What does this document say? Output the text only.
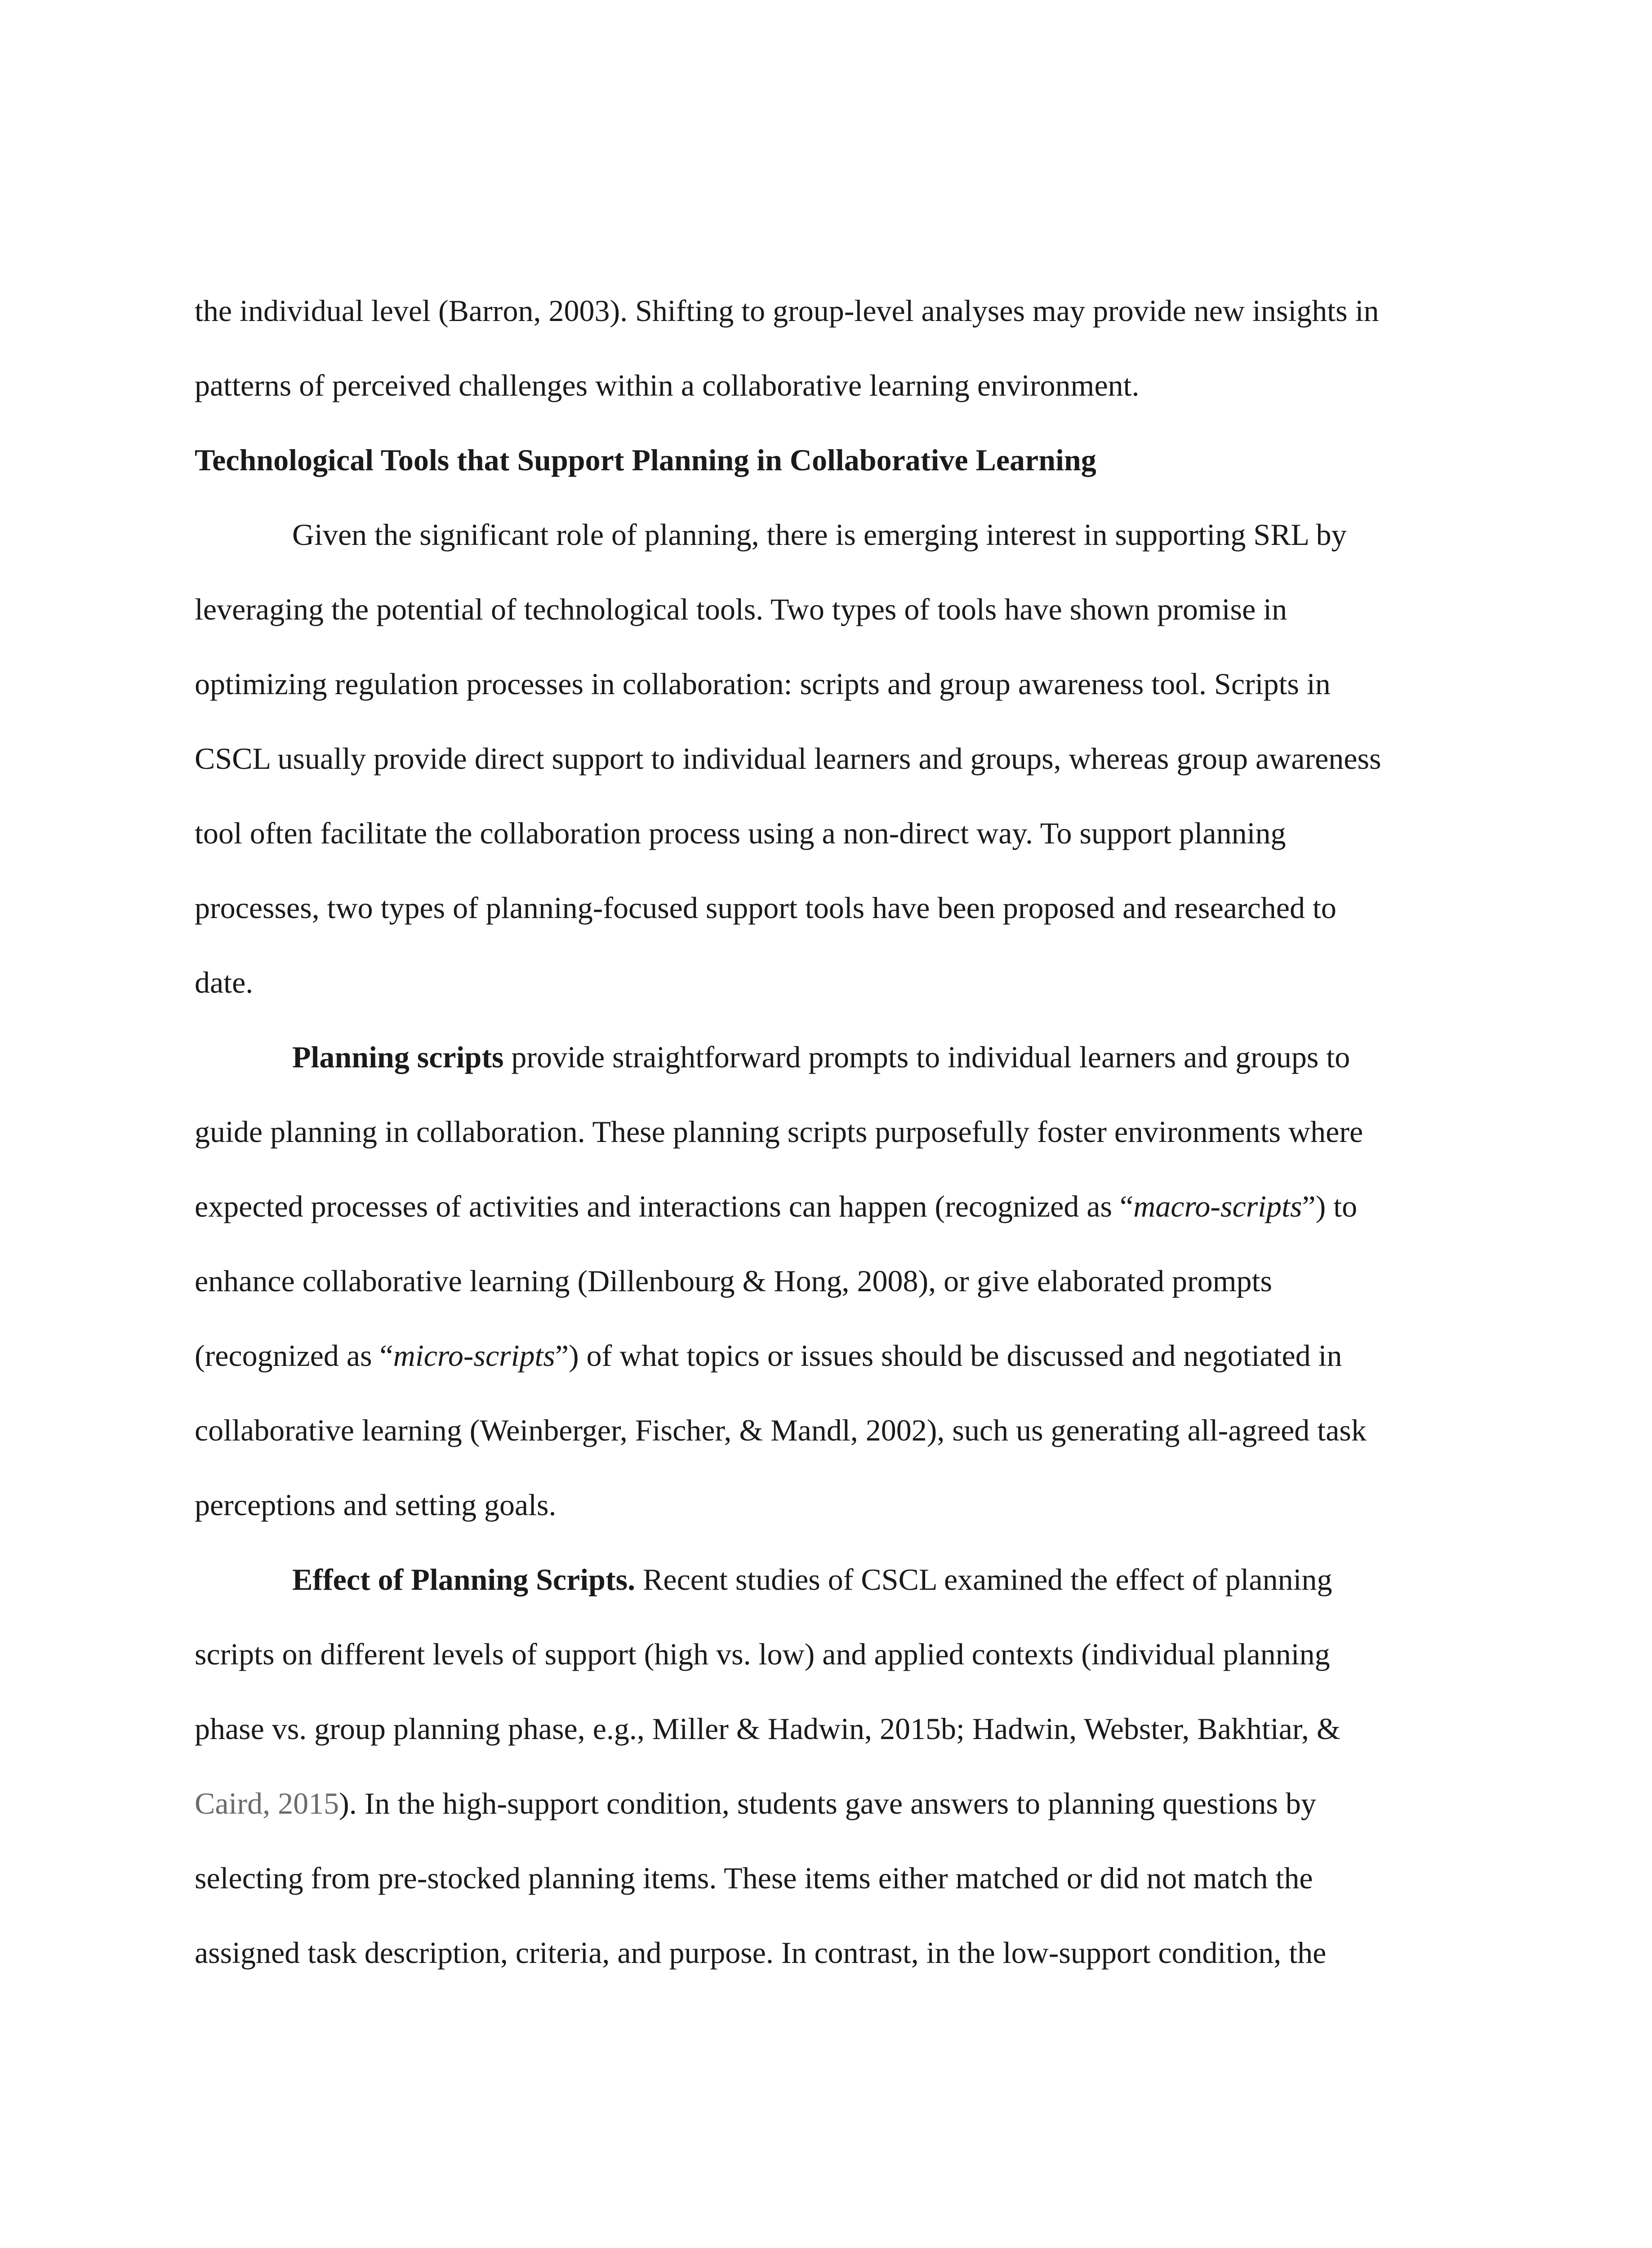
the individual level (Barron, 2003). Shifting to group-level analyses may provide new insights in
patterns of perceived challenges within a collaborative learning environment.
Technological Tools that Support Planning in Collaborative Learning
Given the significant role of planning, there is emerging interest in supporting SRL by
leveraging the potential of technological tools. Two types of tools have shown promise in
optimizing regulation processes in collaboration: scripts and group awareness tool. Scripts in
CSCL usually provide direct support to individual learners and groups, whereas group awareness
tool often facilitate the collaboration process using a non-direct way. To support planning
processes, two types of planning-focused support tools have been proposed and researched to
date.
Planning scripts provide straightforward prompts to individual learners and groups to
guide planning in collaboration. These planning scripts purposefully foster environments where
expected processes of activities and interactions can happen (recognized as “macro-scripts”) to
enhance collaborative learning (Dillenbourg & Hong, 2008), or give elaborated prompts
(recognized as “micro-scripts”) of what topics or issues should be discussed and negotiated in
collaborative learning (Weinberger, Fischer, & Mandl, 2002), such us generating all-agreed task
perceptions and setting goals.
Effect of Planning Scripts. Recent studies of CSCL examined the effect of planning
scripts on different levels of support (high vs. low) and applied contexts (individual planning
phase vs. group planning phase, e.g., Miller & Hadwin, 2015b; Hadwin, Webster, Bakhtiar, &
Caird, 2015). In the high-support condition, students gave answers to planning questions by
selecting from pre-stocked planning items. These items either matched or did not match the
assigned task description, criteria, and purpose. In contrast, in the low-support condition, the
